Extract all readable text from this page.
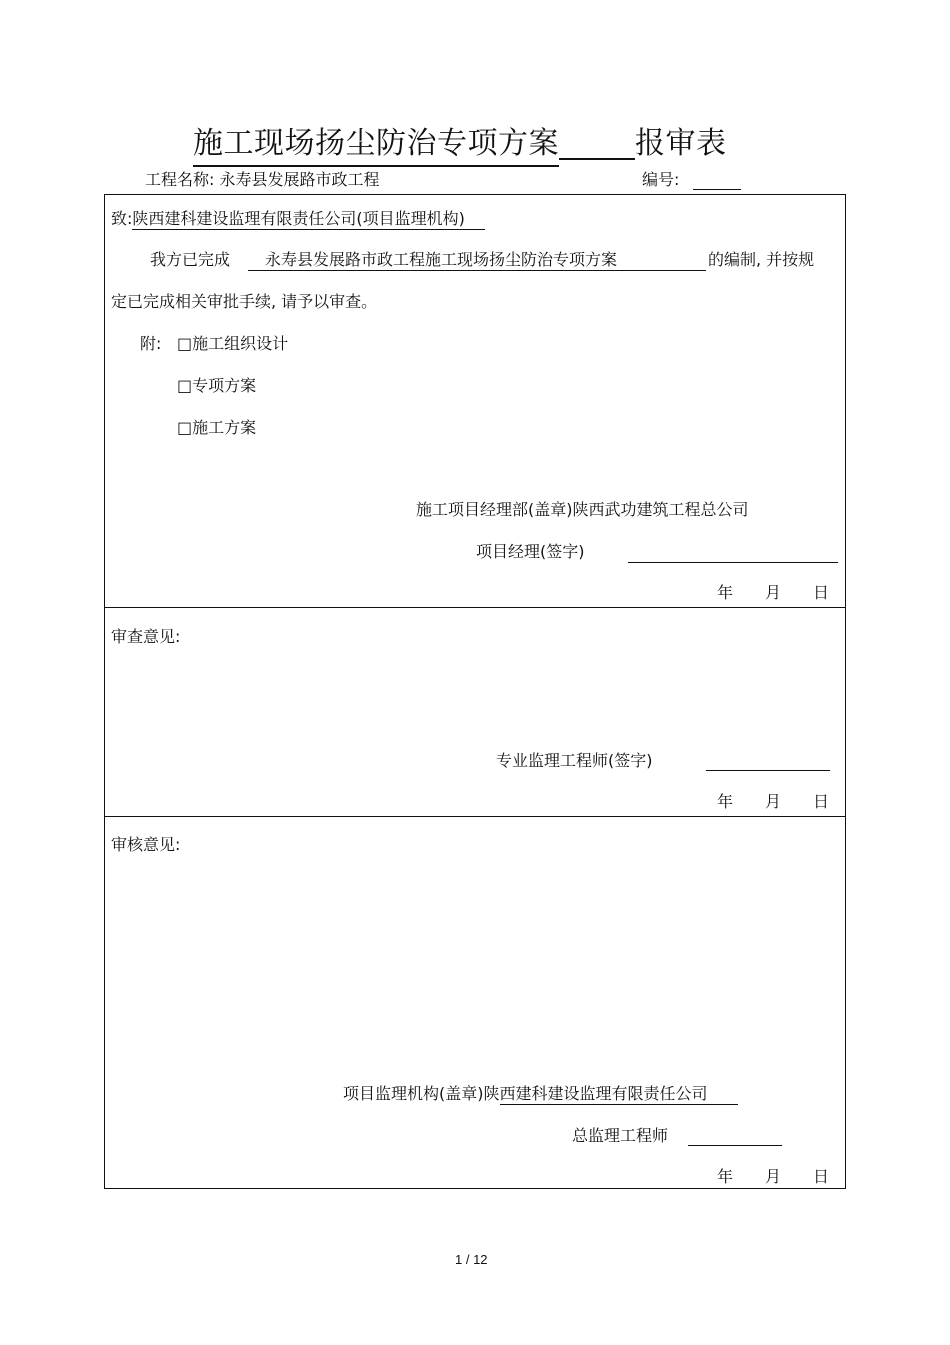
施工现场扬尘防治专项方案	报审表
工程名称: 永寿县发展路市政工程	编号:
致:陕西建科建设监理有限责任公司(项目监理机构)
我方已完成	永寿县发展路市政工程施工现场扬尘防治专项方案	的编制, 并按规
定已完成相关审批手续, 请予以审查。
附: □施工组织设计
□专项方案
□施工方案
施工项目经理部(盖章)陕西武功建筑工程总公司
项目经理(签字)
年 月 日
审查意见:
专业监理工程师(签字)
年 月 日
审核意见:
项目监理机构(盖章)陕西建科建设监理有限责任公司
总监理工程师
年 月 日
1 / 12
